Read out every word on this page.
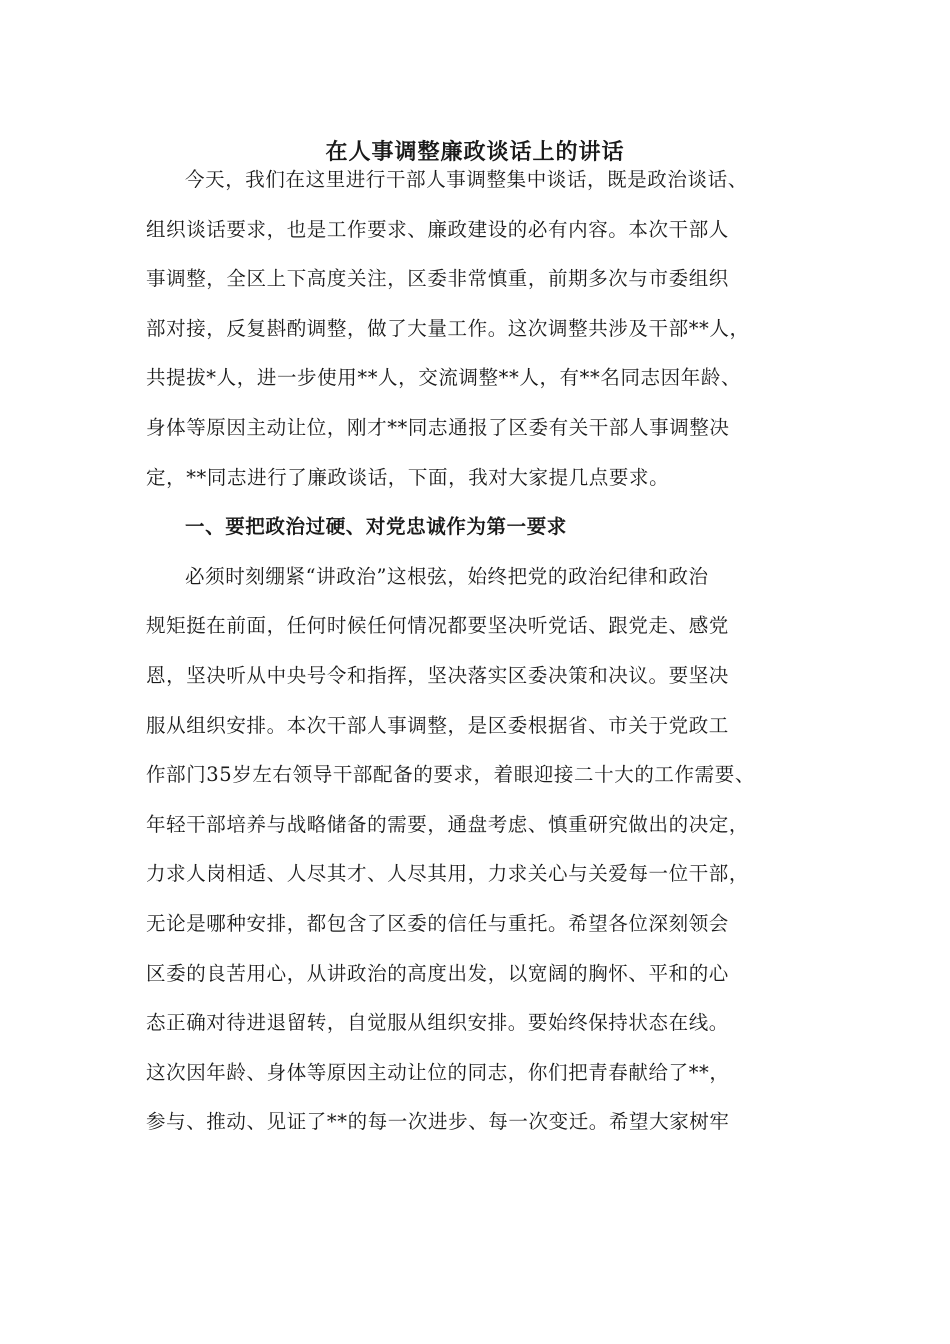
在人事调整廉政谈话上的讲话
今天，我们在这里进行干部人事调整集中谈话，既是政治谈话、
组织谈话要求，也是工作要求、廉政建设的必有内容。本次干部人
事调整，全区上下高度关注，区委非常慎重，前期多次与市委组织
部对接，反复斟酌调整，做了大量工作。这次调整共涉及干部**人，
共提拔*人，进一步使用**人，交流调整**人，有**名同志因年龄、
身体等原因主动让位，刚才**同志通报了区委有关干部人事调整决
定，**同志进行了廉政谈话，下面，我对大家提几点要求。
一、要把政治过硬、对党忠诚作为第一要求
必须时刻绷紧“讲政治”这根弦，始终把党的政治纪律和政治
规矩挺在前面，任何时候任何情况都要坚决听党话、跟党走、感党
恩，坚决听从中央号令和指挥，坚决落实区委决策和决议。要坚决
服从组织安排。本次干部人事调整，是区委根据省、市关于党政工
作部门35岁左右领导干部配备的要求，着眼迎接二十大的工作需要、
年轻干部培养与战略储备的需要，通盘考虑、慎重研究做出的决定，
力求人岗相适、人尽其才、人尽其用，力求关心与关爱每一位干部，
无论是哪种安排，都包含了区委的信任与重托。希望各位深刻领会
区委的良苦用心，从讲政治的高度出发，以宽阔的胸怀、平和的心
态正确对待进退留转，自觉服从组织安排。要始终保持状态在线。
这次因年龄、身体等原因主动让位的同志，你们把青春献给了**，
参与、推动、见证了**的每一次进步、每一次变迁。希望大家树牢
